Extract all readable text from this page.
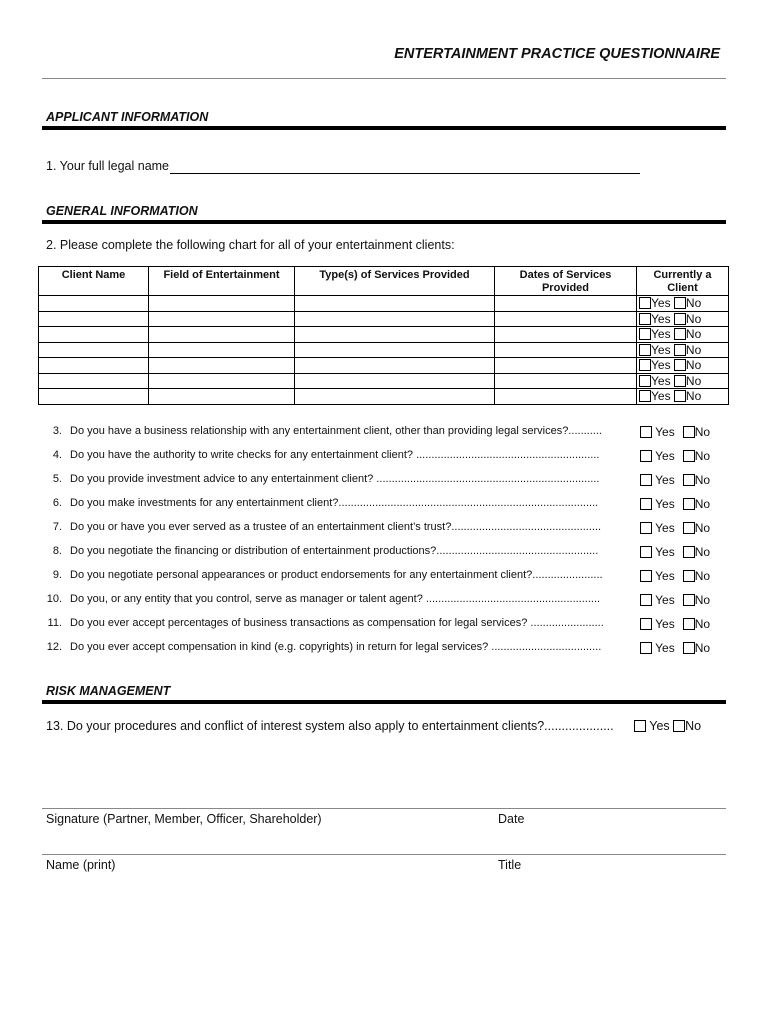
ENTERTAINMENT PRACTICE QUESTIONNAIRE
APPLICANT INFORMATION
1. Your full legal name
GENERAL INFORMATION
2. Please complete the following chart for all of your entertainment clients:
Client Name	Field of Entertainment	Type(s) of Services Provided	Dates of Services Provided	Currently a Client
				Yes No
				Yes No
				Yes No
				Yes No
				Yes No
				Yes No
				Yes No
3. Do you have a business relationship with any entertainment client, other than providing legal services?...........	Yes No
4. Do you have the authority to write checks for any entertainment client? ............................................................	Yes No
5. Do you provide investment advice to any entertainment client? .........................................................................	Yes No
6. Do you make investments for any entertainment client?.....................................................................................	Yes No
7. Do you or have you ever served as a trustee of an entertainment client’s trust?.................................................	Yes No
8. Do you negotiate the financing or distribution of entertainment productions?.....................................................	Yes No
9. Do you negotiate personal appearances or product endorsements for any entertainment client?.......................	Yes No
10. Do you, or any entity that you control, serve as manager or talent agent? .........................................................	Yes No
11. Do you ever accept percentages of business transactions as compensation for legal services? ........................	Yes No
12. Do you ever accept compensation in kind (e.g. copyrights) in return for legal services? ....................................	Yes No
RISK MANAGEMENT
13. Do your procedures and conflict of interest system also apply to entertainment clients?....................	Yes No
Signature (Partner, Member, Officer, Shareholder)	Date
Name (print)	Title
